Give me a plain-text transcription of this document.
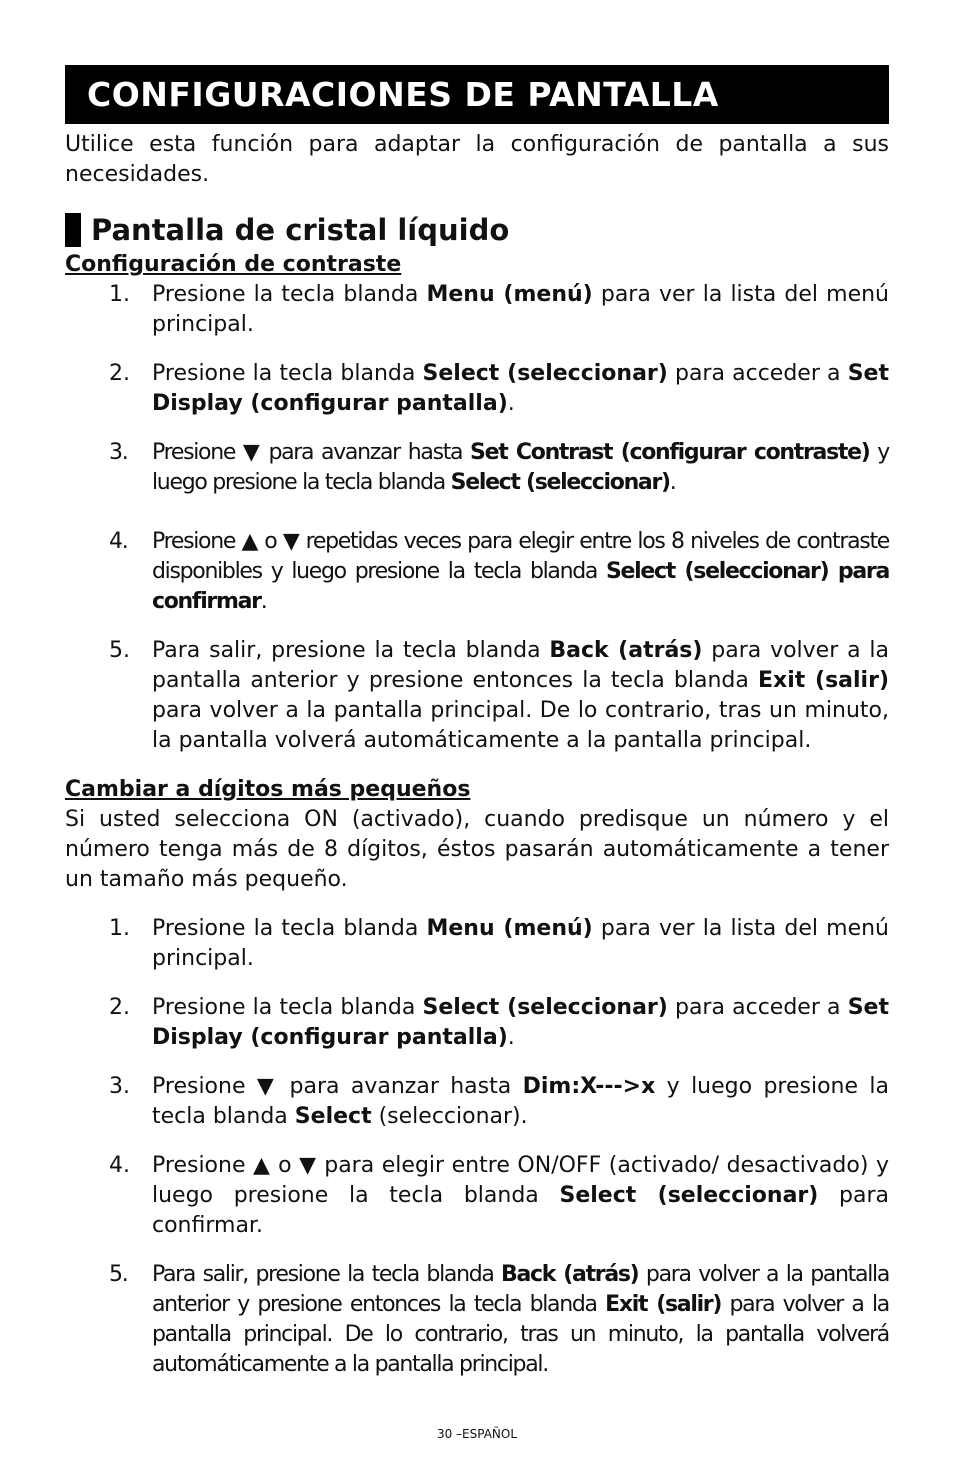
CONFIGURACIONES DE PANTALLA

Utilice esta función para adaptar la configuración de pantalla a sus necesidades.

Pantalla de cristal líquido

Configuración de contraste

1. Presione la tecla blanda Menu (menú) para ver la lista del menú principal.
2. Presione la tecla blanda Select (seleccionar) para acceder a Set Display (configurar pantalla).
3. Presione ▼ para avanzar hasta Set Contrast (configurar contraste) y luego presione la tecla blanda Select (seleccionar).
4. Presione ▲ o ▼ repetidas veces para elegir entre los 8 niveles de contraste disponibles y luego presione la tecla blanda Select (seleccionar) para confirmar.
5. Para salir, presione la tecla blanda Back (atrás) para volver a la pantalla anterior y presione entonces la tecla blanda Exit (salir) para volver a la pantalla principal. De lo contrario, tras un minuto, la pantalla volverá automáticamente a la pantalla principal.

Cambiar a dígitos más pequeños

Si usted selecciona ON (activado), cuando predisque un número y el número tenga más de 8 dígitos, éstos pasarán automáticamente a tener un tamaño más pequeño.

1. Presione la tecla blanda Menu (menú) para ver la lista del menú principal.
2. Presione la tecla blanda Select (seleccionar) para acceder a Set Display (configurar pantalla).
3. Presione ▼ para avanzar hasta Dim:X--->x y luego presione la tecla blanda Select (seleccionar).
4. Presione ▲ o ▼ para elegir entre ON/OFF (activado/ desactivado) y luego presione la tecla blanda Select (seleccionar) para confirmar.
5. Para salir, presione la tecla blanda Back (atrás) para volver a la pantalla anterior y presione entonces la tecla blanda Exit (salir) para volver a la pantalla principal. De lo contrario, tras un minuto, la pantalla volverá automáticamente a la pantalla principal.
30 –ESPAÑOL
